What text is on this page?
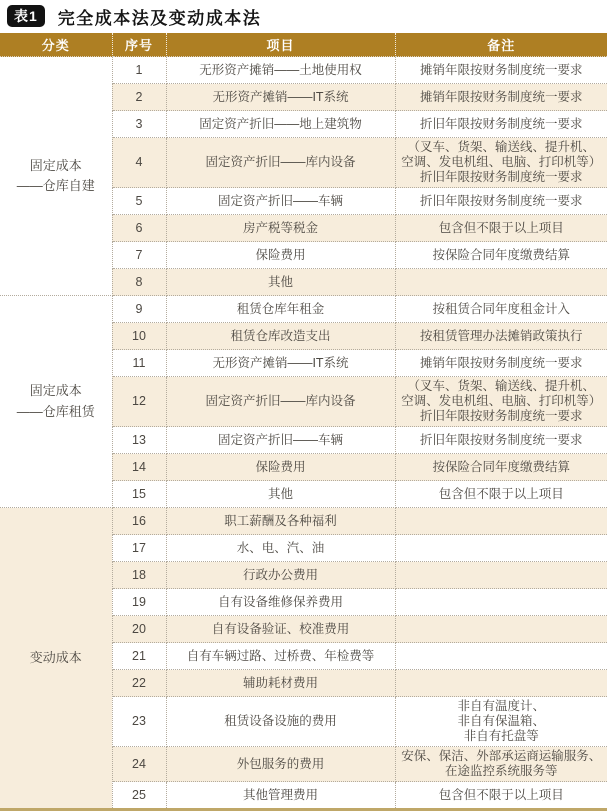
表1	完全成本法及变动成本法
分类	序号	项目	备注

固定成本
——仓库自建	1	无形资产摊销——土地使用权	摊销年限按财务制度统一要求
	2	无形资产摊销——IT系统	摊销年限按财务制度统一要求
	3	固定资产折旧——地上建筑物	折旧年限按财务制度统一要求
	4	固定资产折旧——库内设备	（叉车、货架、输送线、提升机、
空调、发电机组、电脑、打印机等）
折旧年限按财务制度统一要求

	5	固定资产折旧——车辆	折旧年限按财务制度统一要求
	6	房产税等税金	包含但不限于以上项目
	7	保险费用	按保险合同年度缴费结算
	8	其他	

固定成本
——仓库租赁	9	租赁仓库年租金	按租赁合同年度租金计入
	10	租赁仓库改造支出	按租赁管理办法摊销政策执行
	11	无形资产摊销——IT系统	摊销年限按财务制度统一要求
	12	固定资产折旧——库内设备	（叉车、货架、输送线、提升机、
空调、发电机组、电脑、打印机等）
折旧年限按财务制度统一要求

	13	固定资产折旧——车辆	折旧年限按财务制度统一要求
	14	保险费用	按保险合同年度缴费结算
	15	其他	包含但不限于以上项目

变动成本	16	职工薪酬及各种福利	
	17	水、电、汽、油	
	18	行政办公费用	
	19	自有设备维修保养费用	
	20	自有设备验证、校准费用	
	21	自有车辆过路、过桥费、年检费等	
	22	辅助耗材费用	
	23	租赁设备设施的费用	非自有温度计、
非自有保温箱、
非自有托盘等

	24	外包服务的费用	安保、保洁、外部承运商运输服务、
在途监控系统服务等

	25	其他管理费用	包含但不限于以上项目
